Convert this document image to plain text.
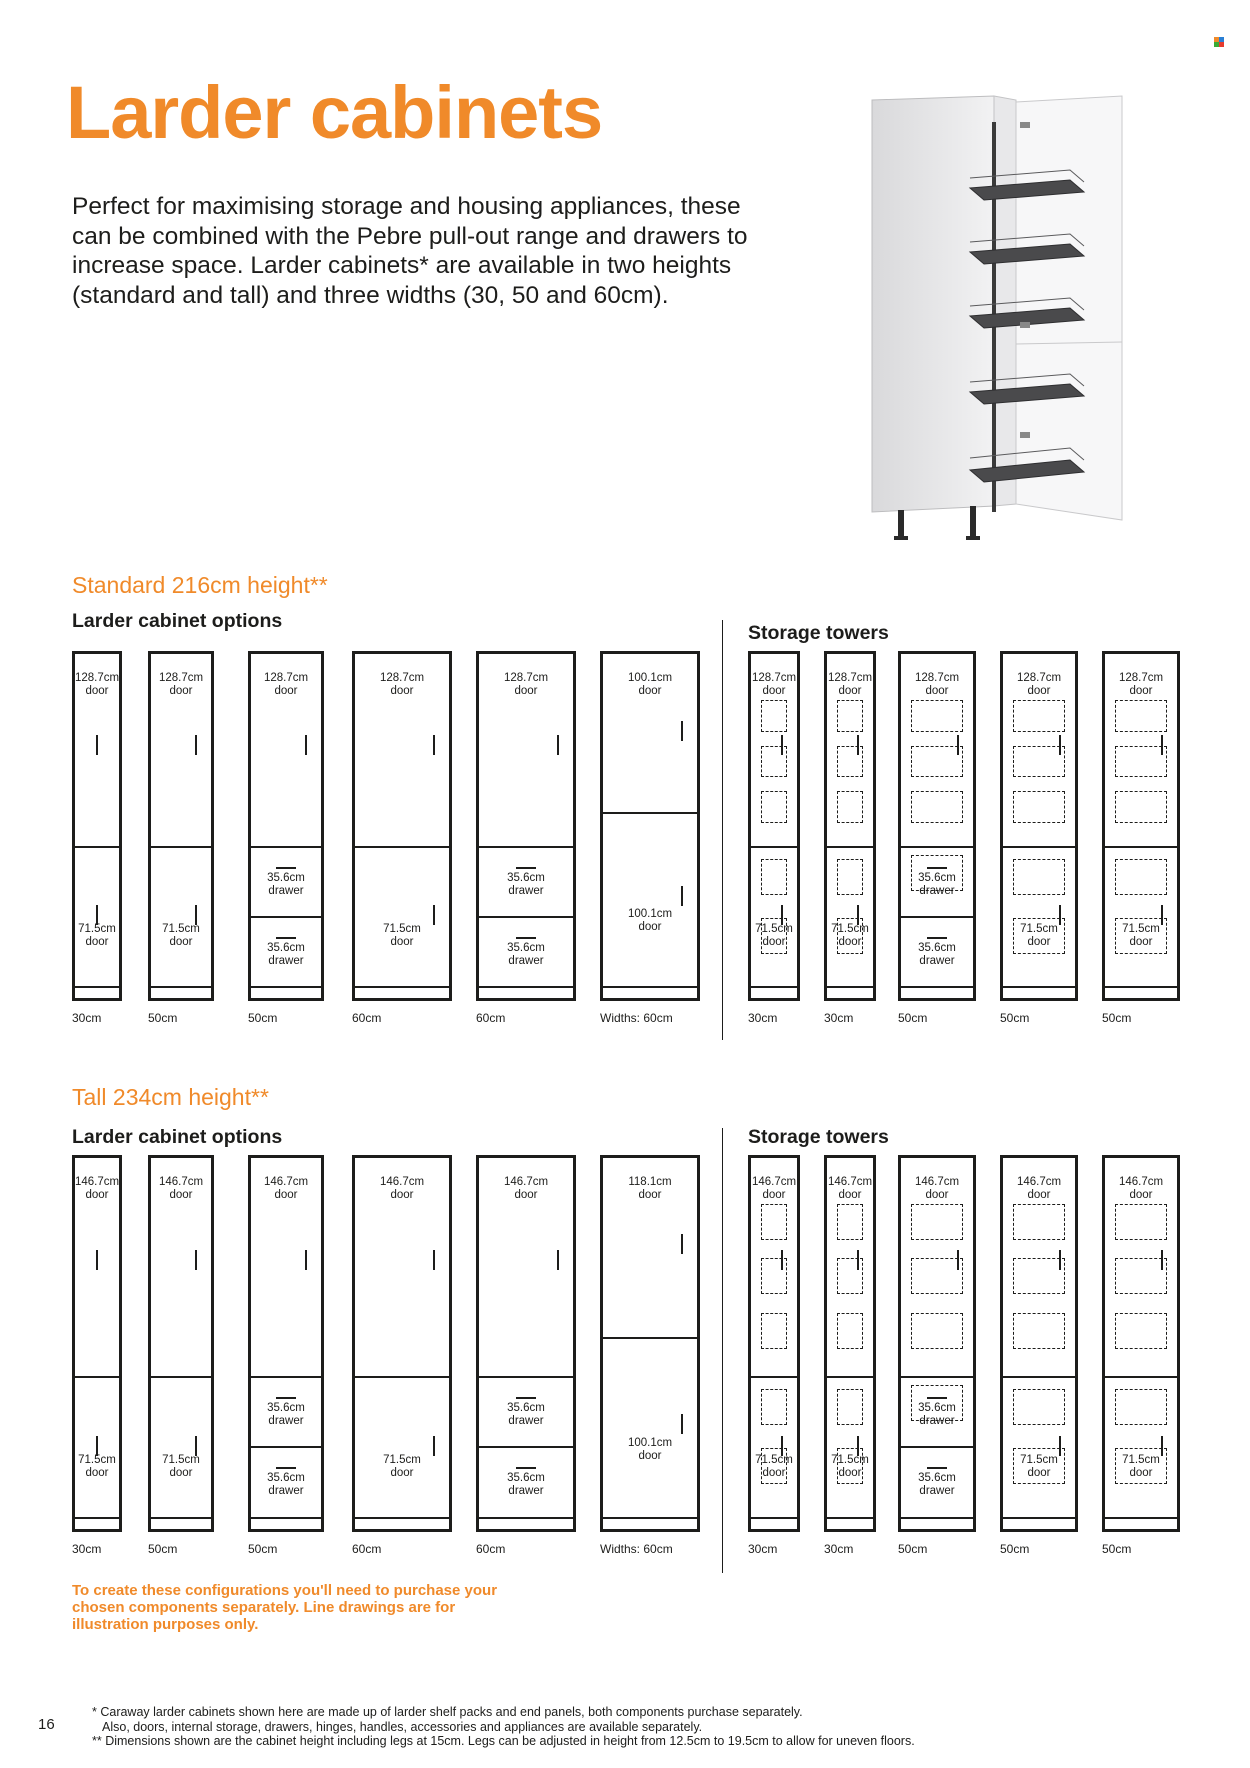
Larder cabinets

Perfect for maximising storage and housing appliances, these can be combined with the Pebre pull-out range and drawers to increase space. Larder cabinets* are available in two heights (standard and tall) and three widths (30, 50 and 60cm).

Standard 216cm height**

Larder cabinet options

Storage towers

Tall 234cm height**

Larder cabinet options	Storage towers

128.7cm
door
71.5cm
door
30cm
128.7cm
door
71.5cm
door
50cm
128.7cm
door
35.6cm
drawer
35.6cm
drawer
50cm
128.7cm
door
71.5cm
door
60cm
128.7cm
door
35.6cm
drawer
35.6cm
drawer
60cm
100.1cm
door
100.1cm
door
Widths: 60cm
128.7cm
door
71.5cm
door
30cm
128.7cm
door
71.5cm
door
30cm
128.7cm
door
35.6cm
drawer
35.6cm
drawer
50cm
128.7cm
door
71.5cm
door
50cm
128.7cm
door
71.5cm
door
50cm
146.7cm
door
71.5cm
door
30cm
146.7cm
door
71.5cm
door
50cm
146.7cm
door
35.6cm
drawer
35.6cm
drawer
50cm
146.7cm
door
71.5cm
door
60cm
146.7cm
door
35.6cm
drawer
35.6cm
drawer
60cm
118.1cm
door
100.1cm
door
Widths: 60cm
146.7cm
door
71.5cm
door
30cm
146.7cm
door
71.5cm
door
30cm
146.7cm
door
35.6cm
drawer
35.6cm
drawer
50cm
146.7cm
door
71.5cm
door
50cm
146.7cm
door
71.5cm
door
50cm

To create these configurations you'll need to purchase your chosen components separately. Line drawings are for illustration purposes only.

16
* Caraway larder cabinets shown here are made up of larder shelf packs and end panels, both components purchase separately.
Also, doors, internal storage, drawers, hinges, handles, accessories and appliances are available separately.
** Dimensions shown are the cabinet height including legs at 15cm. Legs can be adjusted in height from 12.5cm to 19.5cm to allow for uneven floors.
